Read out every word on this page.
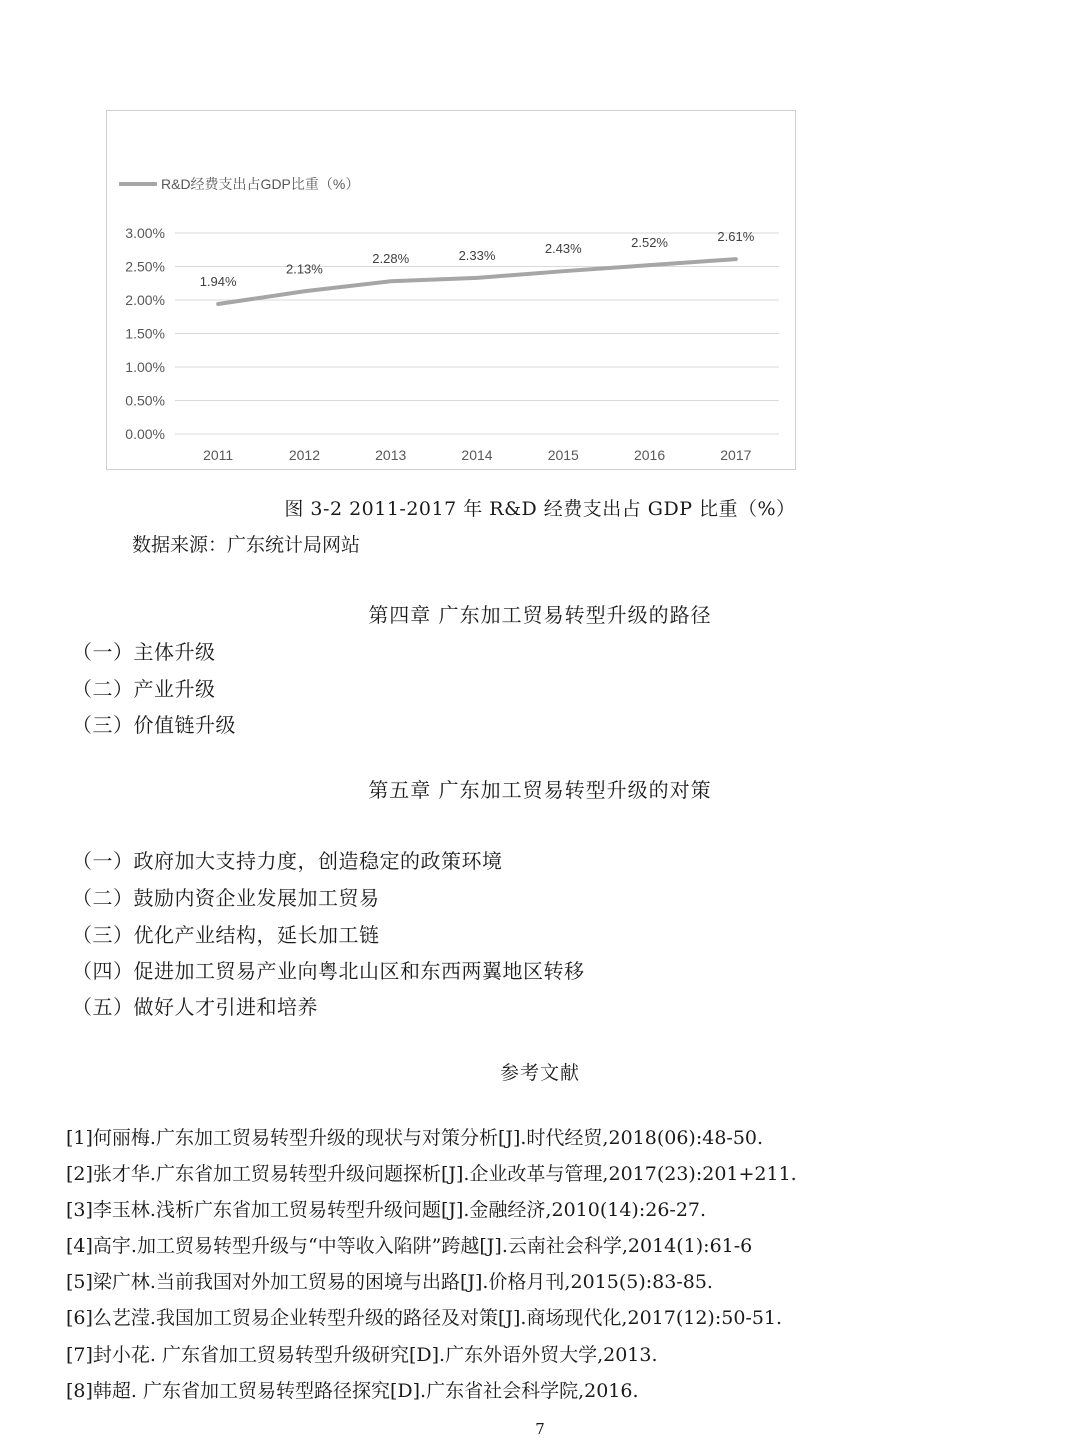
R&D经费支出占GDP比重（%）
3.00%
2.50%
2.00%
1.50%
1.00%
0.50%
0.00%
2011	2012	2013	2014	2015	2016	2017
1.94%
2.13%
2.28%	2.33%	2.43%	2.52%	2.61%
图 3-2 2011-2017 年 R&D 经费支出占 GDP 比重（%）
数据来源：广东统计局网站
第四章 广东加工贸易转型升级的路径
（一）主体升级
（二）产业升级
（三）价值链升级
第五章 广东加工贸易转型升级的对策
（一）政府加大支持力度，创造稳定的政策环境
（二）鼓励内资企业发展加工贸易
（三）优化产业结构，延长加工链
（四）促进加工贸易产业向粤北山区和东西两翼地区转移
（五）做好人才引进和培养
参考文献
[1]何丽梅.广东加工贸易转型升级的现状与对策分析[J].时代经贸,2018(06):48-50.
[2]张才华.广东省加工贸易转型升级问题探析[J].企业改革与管理,2017(23):201+211.
[3]李玉林.浅析广东省加工贸易转型升级问题[J].金融经济,2010(14):26-27.
[4]高宇.加工贸易转型升级与“中等收入陷阱”跨越[J].云南社会科学,2014(1):61-6
[5]梁广林.当前我国对外加工贸易的困境与出路[J].价格月刊,2015(5):83-85.
[6]么艺滢.我国加工贸易企业转型升级的路径及对策[J].商场现代化,2017(12):50-51.
[7]封小花. 广东省加工贸易转型升级研究[D].广东外语外贸大学,2013.
[8]韩超. 广东省加工贸易转型路径探究[D].广东省社会科学院,2016.
7
